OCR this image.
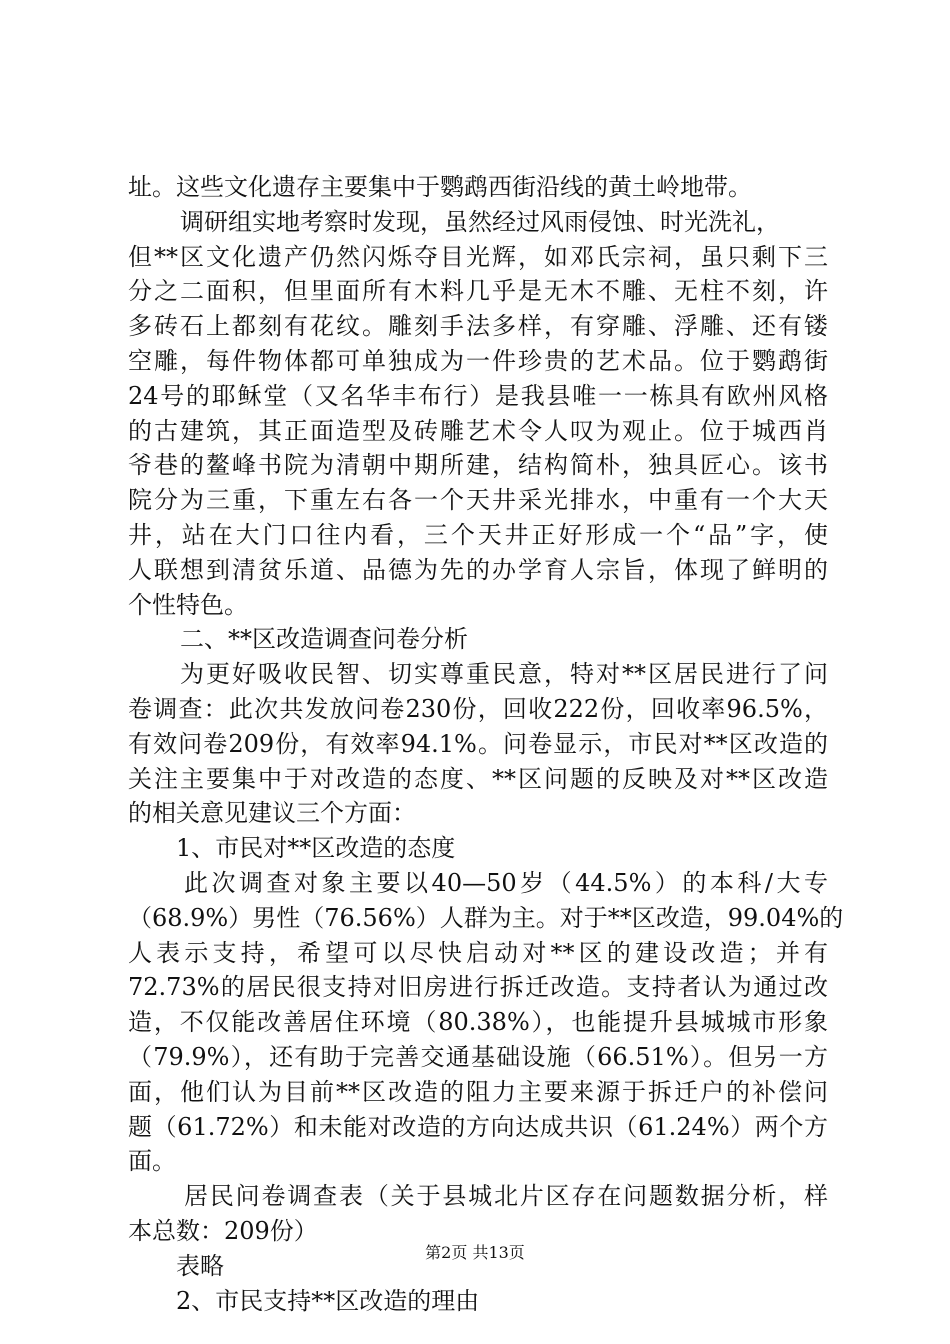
址。这些文化遗存主要集中于鹦鹉西街沿线的黄土岭地带。
调研组实地考察时发现，虽然经过风雨侵蚀、时光洗礼，
但**区文化遗产仍然闪烁夺目光辉，如邓氏宗祠，虽只剩下三
分之二面积，但里面所有木料几乎是无木不雕、无柱不刻，许
多砖石上都刻有花纹。雕刻手法多样，有穿雕、浮雕、还有镂
空雕，每件物体都可单独成为一件珍贵的艺术品。位于鹦鹉街
24号的耶稣堂（又名华丰布行）是我县唯一一栋具有欧州风格
的古建筑，其正面造型及砖雕艺术令人叹为观止。位于城西肖
爷巷的鳌峰书院为清朝中期所建，结构简朴，独具匠心。该书
院分为三重，下重左右各一个天井采光排水，中重有一个大天
井，站在大门口往内看，三个天井正好形成一个“品”字，使
人联想到清贫乐道、品德为先的办学育人宗旨，体现了鲜明的
个性特色。
二、**区改造调查问卷分析
为更好吸收民智、切实尊重民意，特对**区居民进行了问
卷调查：此次共发放问卷230份，回收222份，回收率96.5%，
有效问卷209份，有效率94.1%。问卷显示，市民对**区改造的
关注主要集中于对改造的态度、**区问题的反映及对**区改造
的相关意见建议三个方面：
1、市民对**区改造的态度
此次调查对象主要以40—50岁（44.5%）的本科/大专
（68.9%）男性（76.56%）人群为主。对于**区改造，99.04%的
人表示支持，希望可以尽快启动对**区的建设改造；并有
72.73%的居民很支持对旧房进行拆迁改造。支持者认为通过改
造，不仅能改善居住环境（80.38%），也能提升县城城市形象
（79.9%），还有助于完善交通基础设施（66.51%）。但另一方
面，他们认为目前**区改造的阻力主要来源于拆迁户的补偿问
题（61.72%）和未能对改造的方向达成共识（61.24%）两个方
面。
居民问卷调查表（关于县城北片区存在问题数据分析，样
本总数：209份）
表略
2、市民支持**区改造的理由
第2页 共13页
